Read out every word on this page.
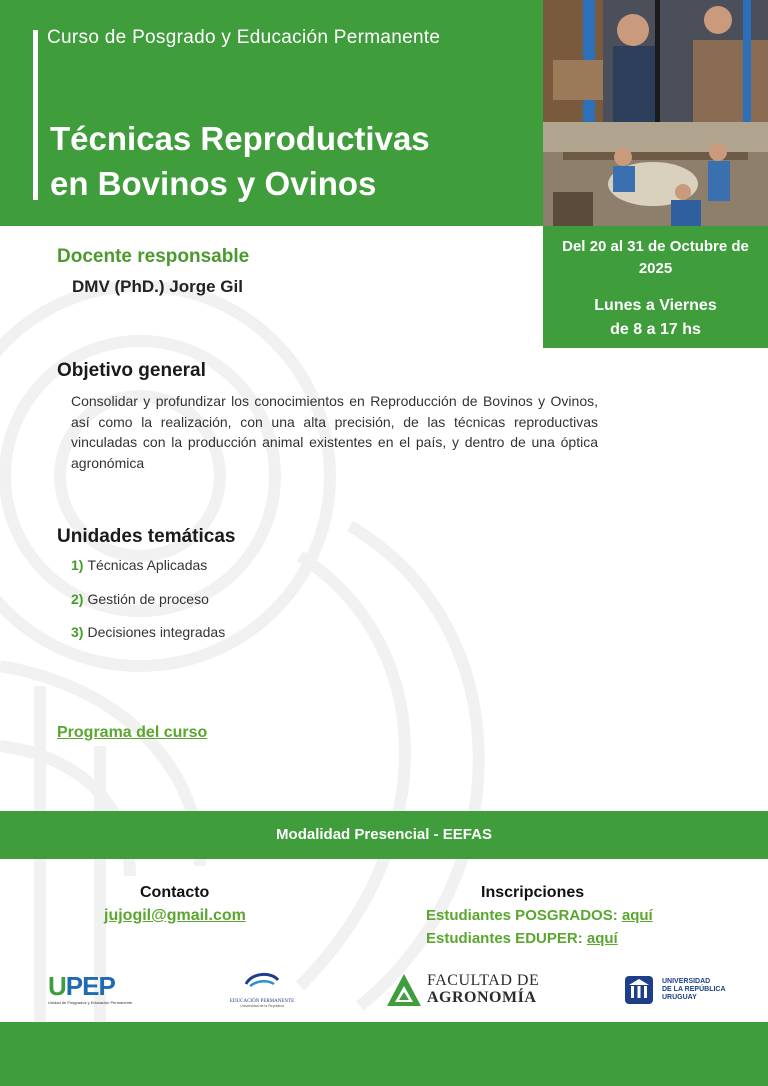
Curso de Posgrado y Educación Permanente
Técnicas Reproductivas
en Bovinos y Ovinos
Del 20 al 31 de Octubre de 2025
Lunes a Viernes
de 8 a 17 hs
Docente responsable
DMV (PhD.) Jorge Gil
Objetivo general
Consolidar y profundizar los conocimientos en Reproducción de Bovinos y Ovinos, así como la realización, con una alta precisión, de las técnicas reproductivas vinculadas con la producción animal existentes en el país, y dentro de una óptica agronómica
Unidades temáticas
1) Técnicas Aplicadas
2) Gestión de proceso
3) Decisiones integradas
Programa del curso
Modalidad Presencial - EEFAS
Contacto
jujogil@gmail.com
Inscripciones
Estudiantes POSGRADOS: aquí
Estudiantes EDUPER: aquí
UPEP
Unidad de Posgrados y Educación Permanente	EDUCACIÓN PERMANENTE
Universidad de la República
FACULTAD DE
AGRONOMÍA
UNIVERSIDAD
DE LA REPÚBLICA
URUGUAY
